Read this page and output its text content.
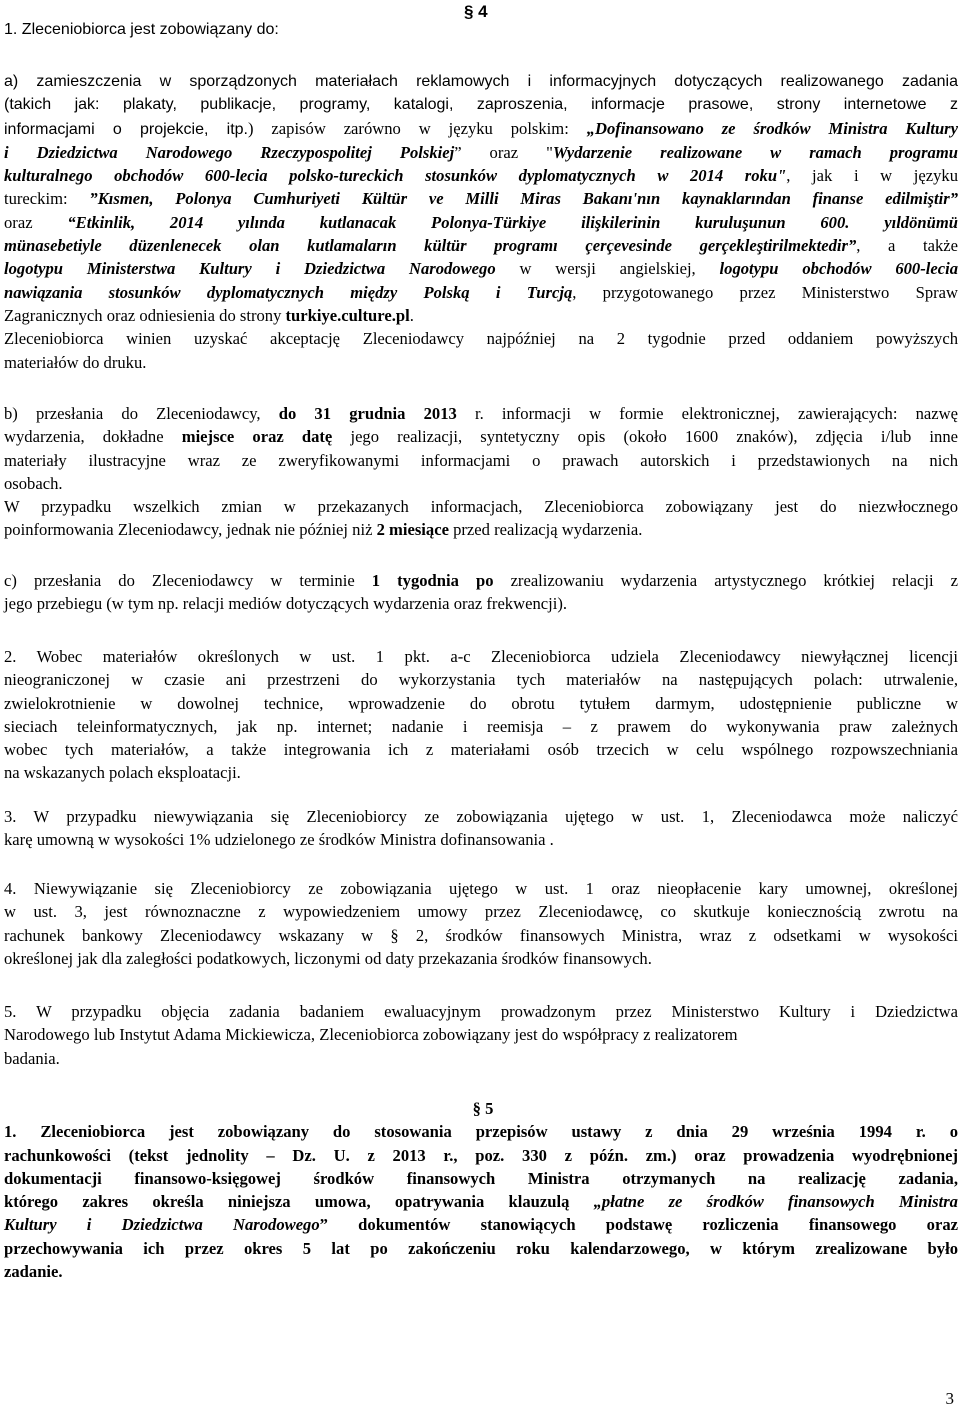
1. Zleceniobiorca jest zobowiązany do:
§ 4
a) zamieszczenia w sporządzonych materiałach reklamowych i informacyjnych dotyczących realizowanego zadania
(takich jak: plakaty, publikacje, programy, katalogi, zaproszenia, informacje prasowe, strony internetowe z
informacjami o projekcie, itp.) zapisów zarówno w języku polskim: „Dofinansowano ze środków Ministra Kultury
i Dziedzictwa Narodowego Rzeczypospolitej Polskiej” oraz "Wydarzenie realizowane w ramach programu
kulturalnego obchodów 600-lecia polsko-tureckich stosunków dyplomatycznych w 2014 roku", jak i w języku
tureckim: ”Kısmen, Polonya Cumhuriyeti Kültür ve Milli Miras Bakanı'nın kaynaklarından finanse edilmiştir”
oraz “Etkinlik, 2014 yılında kutlanacak Polonya-Türkiye ilişkilerinin kuruluşunun 600. yıldönümü
münasebetiyle düzenlenecek olan kutlamaların kültür programı çerçevesinde gerçekleştirilmektedir”, a także
logotypu Ministerstwa Kultury i Dziedzictwa Narodowego w wersji angielskiej, logotypu obchodów 600-lecia
nawiązania stosunków dyplomatycznych między Polską i Turcją, przygotowanego przez Ministerstwo Spraw
Zagranicznych oraz odniesienia do strony turkiye.culture.pl.
Zleceniobiorca winien uzyskać akceptację Zleceniodawcy najpóźniej na 2 tygodnie przed oddaniem powyższych
materiałów do druku.
b) przesłania do Zleceniodawcy, do 31 grudnia 2013 r. informacji w formie elektronicznej, zawierających: nazwę
wydarzenia, dokładne miejsce oraz datę jego realizacji, syntetyczny opis (około 1600 znaków), zdjęcia i/lub inne
materiały ilustracyjne wraz ze zweryfikowanymi informacjami o prawach autorskich i przedstawionych na nich
osobach.
W przypadku wszelkich zmian w przekazanych informacjach, Zleceniobiorca zobowiązany jest do niezwłocznego
poinformowania Zleceniodawcy, jednak nie później niż 2 miesiące przed realizacją wydarzenia.
c) przesłania do Zleceniodawcy w terminie 1 tygodnia po zrealizowaniu wydarzenia artystycznego krótkiej relacji z
jego przebiegu (w tym np. relacji mediów dotyczących wydarzenia oraz frekwencji).
2. Wobec materiałów określonych w ust. 1 pkt. a-c Zleceniobiorca udziela Zleceniodawcy niewyłącznej licencji
nieograniczonej w czasie ani przestrzeni do wykorzystania tych materiałów na następujących polach: utrwalenie,
zwielokrotnienie w dowolnej technice, wprowadzenie do obrotu tytułem darmym, udostępnienie publiczne w
sieciach teleinformatycznych, jak np. internet; nadanie i reemisja – z prawem do wykonywania praw zależnych
wobec tych materiałów, a także integrowania ich z materiałami osób trzecich w celu wspólnego rozpowszechniania
na wskazanych polach eksploatacji.
3. W przypadku niewywiązania się Zleceniobiorcy ze zobowiązania ujętego w ust. 1, Zleceniodawca może naliczyć
karę umowną w wysokości 1% udzielonego ze środków Ministra dofinansowania .
4. Niewywiązanie się Zleceniobiorcy ze zobowiązania ujętego w ust. 1 oraz nieopłacenie kary umownej, określonej
w ust. 3, jest równoznaczne z wypowiedzeniem umowy przez Zleceniodawcę, co skutkuje koniecznością zwrotu na
rachunek bankowy Zleceniodawcy wskazany w § 2, środków finansowych Ministra, wraz z odsetkami w wysokości
określonej jak dla zaległości podatkowych, liczonymi od daty przekazania środków finansowych.
5. W przypadku objęcia zadania badaniem ewaluacyjnym prowadzonym przez Ministerstwo Kultury i Dziedzictwa
Narodowego lub Instytut Adama Mickiewicza, Zleceniobiorca zobowiązany jest do współpracy z realizatorem
badania.
§ 5
1. Zleceniobiorca jest zobowiązany do stosowania przepisów ustawy z dnia 29 września 1994 r. o
rachunkowości (tekst jednolity – Dz. U. z 2013 r., poz. 330 z późn. zm.) oraz prowadzenia wyodrębnionej
dokumentacji finansowo-księgowej środków finansowych Ministra otrzymanych na realizację zadania,
którego zakres określa niniejsza umowa, opatrywania klauzulą „płatne ze środków finansowych Ministra
Kultury i Dziedzictwa Narodowego” dokumentów stanowiących podstawę rozliczenia finansowego oraz
przechowywania ich przez okres 5 lat po zakończeniu roku kalendarzowego, w którym zrealizowane było
zadanie.
3
